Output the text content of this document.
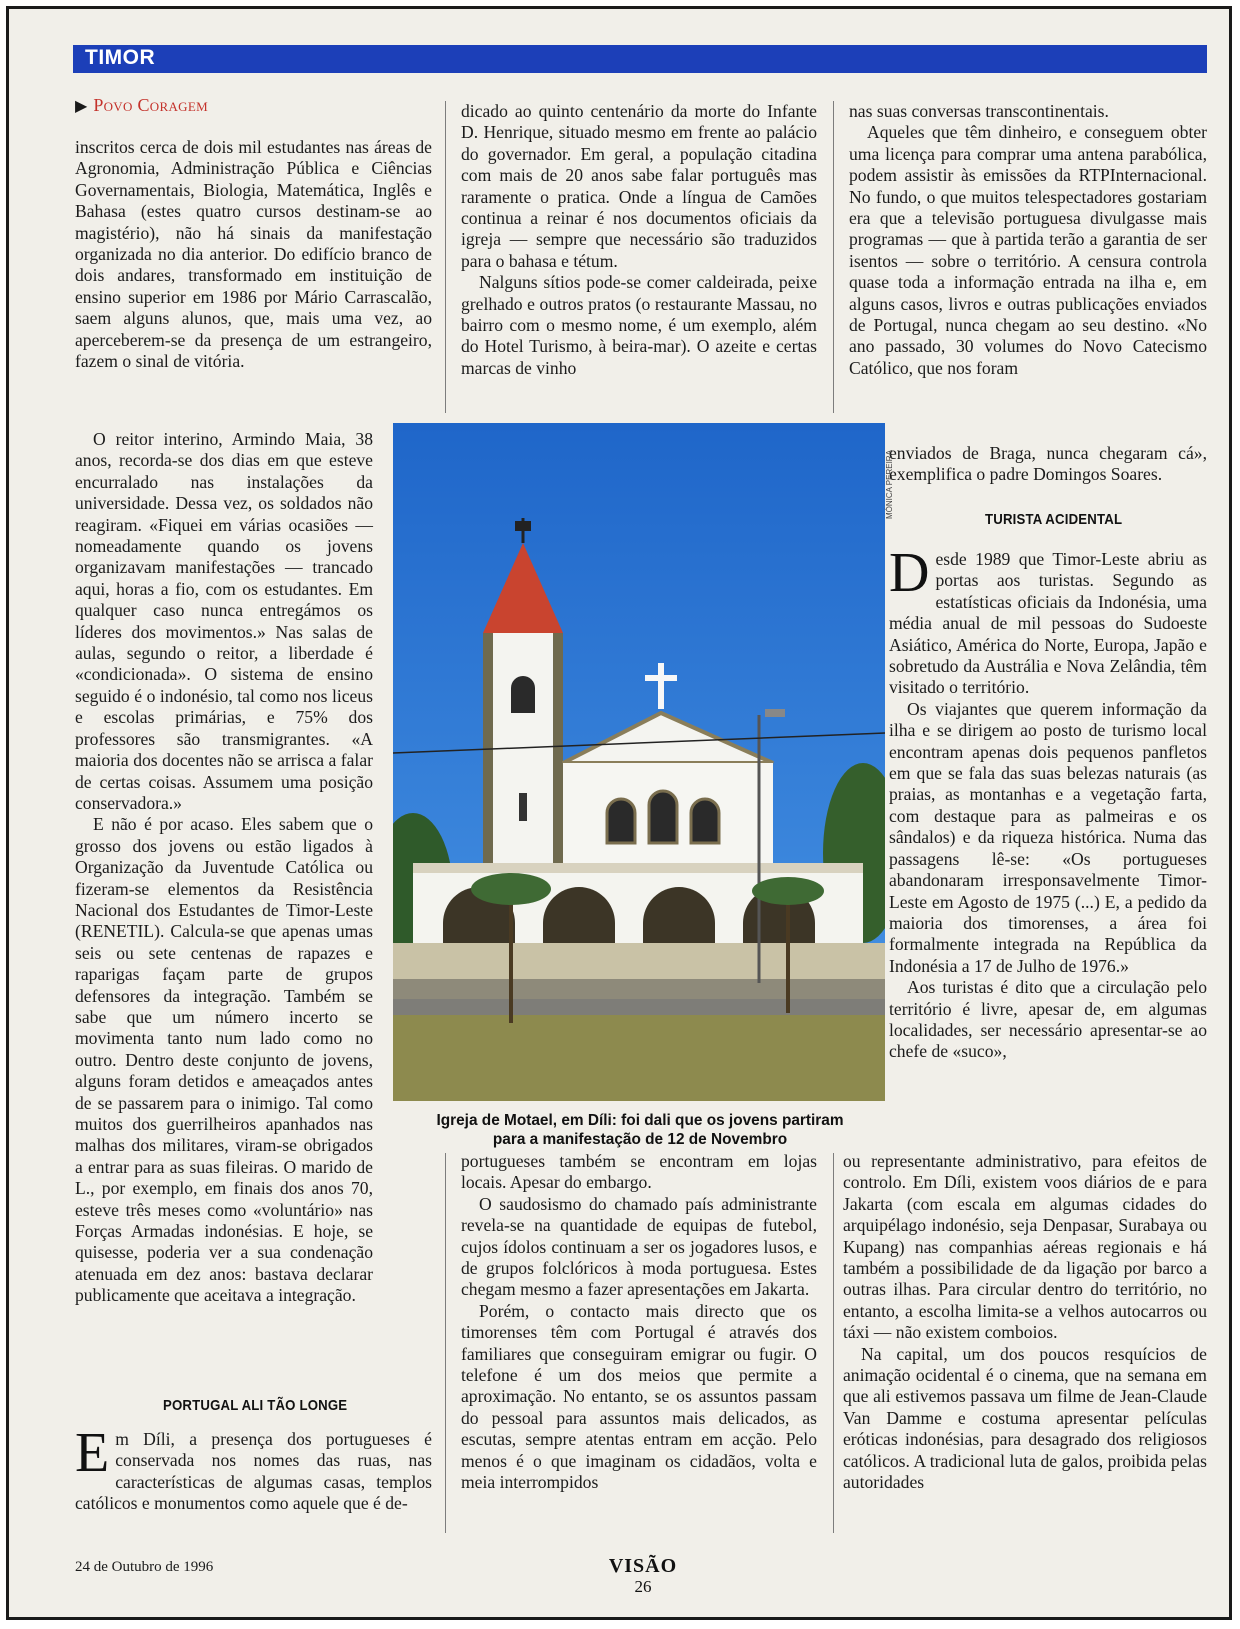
TIMOR
▶ Povo Coragem

inscritos cerca de dois mil estudantes nas áreas de Agronomia, Administração Pública e Ciências Governamentais, Biologia, Matemática, Inglês e Bahasa (estes quatro cursos destinam-se ao magistério), não há sinais da manifestação organizada no dia anterior. Do edifício branco de dois andares, transformado em instituição de ensino superior em 1986 por Mário Carrascalão, saem alguns alunos, que, mais uma vez, ao aperceberem-se da presença de um estrangeiro, fazem o sinal de vitória.

O reitor interino, Armindo Maia, 38 anos, recorda-se dos dias em que esteve encurralado nas instalações da universidade. Dessa vez, os soldados não reagiram. «Fiquei em várias ocasiões — nomeadamente quando os jovens organizavam manifestações — trancado aqui, horas a fio, com os estudantes. Em qualquer caso nunca entregámos os líderes dos movimentos.» Nas salas de aulas, segundo o reitor, a liberdade é «condicionada». O sistema de ensino seguido é o indonésio, tal como nos liceus e escolas primárias, e 75% dos professores são transmigrantes. «A maioria dos docentes não se arrisca a falar de certas coisas. Assumem uma posição conservadora.»

E não é por acaso. Eles sabem que o grosso dos jovens ou estão ligados à Organização da Juventude Católica ou fizeram-se elementos da Resistência Nacional dos Estudantes de Timor-Leste (RENETIL). Calcula-se que apenas umas seis ou sete centenas de rapazes e raparigas façam parte de grupos defensores da integração. Também se sabe que um número incerto se movimenta tanto num lado como no outro. Dentro deste conjunto de jovens, alguns foram detidos e ameaçados antes de se passarem para o inimigo. Tal como muitos dos guerrilheiros apanhados nas malhas dos militares, viram-se obrigados a entrar para as suas fileiras. O marido de L., por exemplo, em finais dos anos 70, esteve três meses como «voluntário» nas Forças Armadas indonésias. E hoje, se quisesse, poderia ver a sua condenação atenuada em dez anos: bastava declarar publicamente que aceitava a integração.

PORTUGAL ALI TÃO LONGE

Em Díli, a presença dos portugueses é conservada nos nomes das ruas, nas características de algumas casas, templos católicos e monumentos como aquele que é de-

dicado ao quinto centenário da morte do Infante D. Henrique, situado mesmo em frente ao palácio do governador. Em geral, a população citadina com mais de 20 anos sabe falar português mas raramente o pratica. Onde a língua de Camões continua a reinar é nos documentos oficiais da igreja — sempre que necessário são traduzidos para o bahasa e tétum.

Nalguns sítios pode-se comer caldeirada, peixe grelhado e outros pratos (o restaurante Massau, no bairro com o mesmo nome, é um exemplo, além do Hotel Turismo, à beira-mar). O azeite e certas marcas de vinho

nas suas conversas transcontinentais.

Aqueles que têm dinheiro, e conseguem obter uma licença para comprar uma antena parabólica, podem assistir às emissões da RTPInternacional. No fundo, o que muitos telespectadores gostariam era que a televisão portuguesa divulgasse mais programas — que à partida terão a garantia de ser isentos — sobre o território. A censura controla quase toda a informação entrada na ilha e, em alguns casos, livros e outras publicações enviados de Portugal, nunca chegam ao seu destino. «No ano passado, 30 volumes do Novo Catecismo Católico, que nos foram

enviados de Braga, nunca chegaram cá», exemplifica o padre Domingos Soares.

TURISTA ACIDENTAL

Desde 1989 que Timor-Leste abriu as portas aos turistas. Segundo as estatísticas oficiais da Indonésia, uma média anual de mil pessoas do Sudoeste Asiático, América do Norte, Europa, Japão e sobretudo da Austrália e Nova Zelândia, têm visitado o território.

Os viajantes que querem informação da ilha e se dirigem ao posto de turismo local encontram apenas dois pequenos panfletos em que se fala das suas belezas naturais (as praias, as montanhas e a vegetação farta, com destaque para as palmeiras e os sândalos) e da riqueza histórica. Numa das passagens lê-se: «Os portugueses abandonaram irresponsavelmente Timor-Leste em Agosto de 1975 (...) E, a pedido da maioria dos timorenses, a área foi formalmente integrada na República da Indonésia a 17 de Julho de 1976.»

Aos turistas é dito que a circulação pelo território é livre, apesar de, em algumas localidades, ser necessário apresentar-se ao chefe de «suco»,

MÓNICA PEREIRA
Igreja de Motael, em Díli: foi dali que os jovens partiram
para a manifestação de 12 de Novembro

portugueses também se encontram em lojas locais. Apesar do embargo.

O saudosismo do chamado país administrante revela-se na quantidade de equipas de futebol, cujos ídolos continuam a ser os jogadores lusos, e de grupos folclóricos à moda portuguesa. Estes chegam mesmo a fazer apresentações em Jakarta.

Porém, o contacto mais directo que os timorenses têm com Portugal é através dos familiares que conseguiram emigrar ou fugir. O telefone é um dos meios que permite a aproximação. No entanto, se os assuntos passam do pessoal para assuntos mais delicados, as escutas, sempre atentas entram em acção. Pelo menos é o que imaginam os cidadãos, volta e meia interrompidos

ou representante administrativo, para efeitos de controlo. Em Díli, existem voos diários de e para Jakarta (com escala em algumas cidades do arquipélago indonésio, seja Denpasar, Surabaya ou Kupang) nas companhias aéreas regionais e há também a possibilidade de da ligação por barco a outras ilhas. Para circular dentro do território, no entanto, a escolha limita-se a velhos autocarros ou táxi — não existem comboios.

Na capital, um dos poucos resquícios de animação ocidental é o cinema, que na semana em que ali estivemos passava um filme de Jean-Claude Van Damme e costuma apresentar películas eróticas indonésias, para desagrado dos religiosos católicos. A tradicional luta de galos, proibida pelas autoridades

24 de Outubro de 1996	VISÃO
26
